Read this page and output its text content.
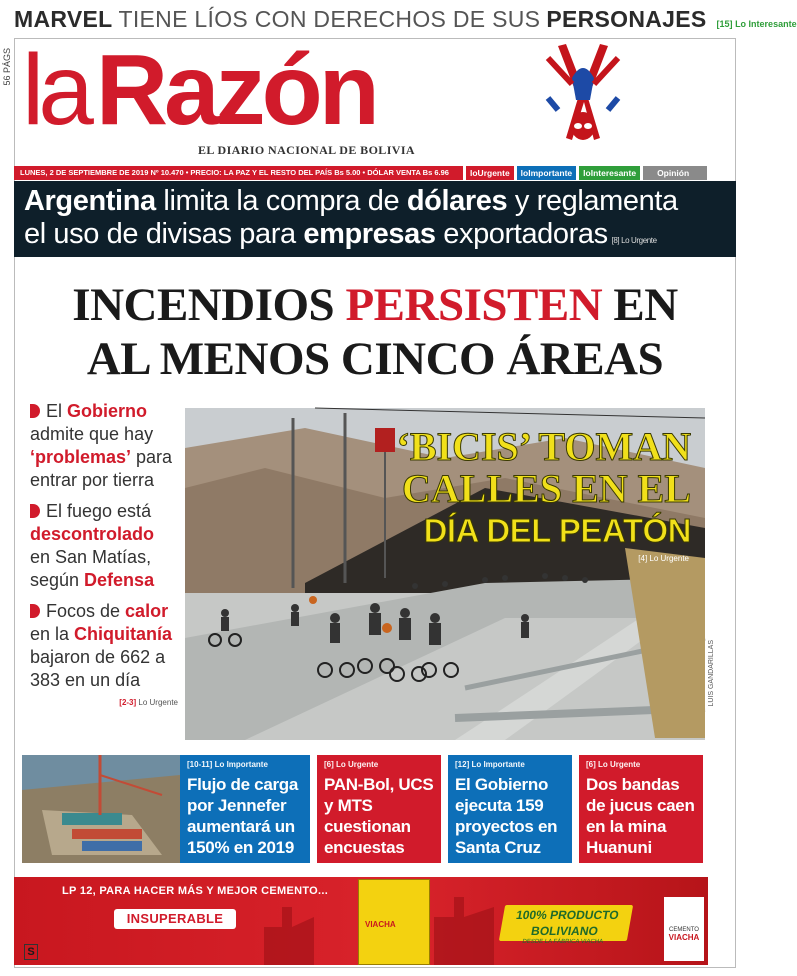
MARVEL TIENE LÍOS CON DERECHOS DE SUS PERSONAJES [15] Lo Interesante
56 PÁGS la Razón
EL DIARIO NACIONAL DE BOLIVIA
LUNES, 2 DE SEPTIEMBRE DE 2019 Nº 10.470 • PRECIO: LA PAZ Y EL RESTO DEL PAÍS Bs 5.00 • DÓLAR VENTA Bs 6.96	loUrgente	loImportante	loInteresante	Opinión
Argentina limita la compra de dólares y reglamenta
el uso de divisas para empresas exportadoras [8] Lo Urgente
INCENDIOS PERSISTEN EN
AL MENOS CINCO ÁREAS
El Gobierno admite que hay ‘problemas’ para entrar por tierra
El fuego está descontrolado en San Matías, según Defensa
Focos de calor en la Chiquitanía bajaron de 662 a 383 en un día
[2-3] Lo Urgente
‘BICIS’ TOMAN
CALLES EN EL
DÍA DEL PEATÓN
[4] Lo Urgente
LUIS GANDARILLAS
[10-11] Lo Importante
Flujo de carga por Jennefer aumentará un 150% en 2019
[6] Lo Urgente
PAN-Bol, UCS y MTS cuestionan encuestas
[12] Lo Importante
El Gobierno ejecuta 159 proyectos en Santa Cruz
[6] Lo Urgente
Dos bandas de jucus caen en la mina Huanuni
LP 12, PARA HACER MÁS Y MEJOR CEMENTO...
INSUPERABLE	VIACHA
100% PRODUCTO BOLIVIANO
DESDE LA FÁBRICA VIACHA
CEMENTO
VIACHA
S
